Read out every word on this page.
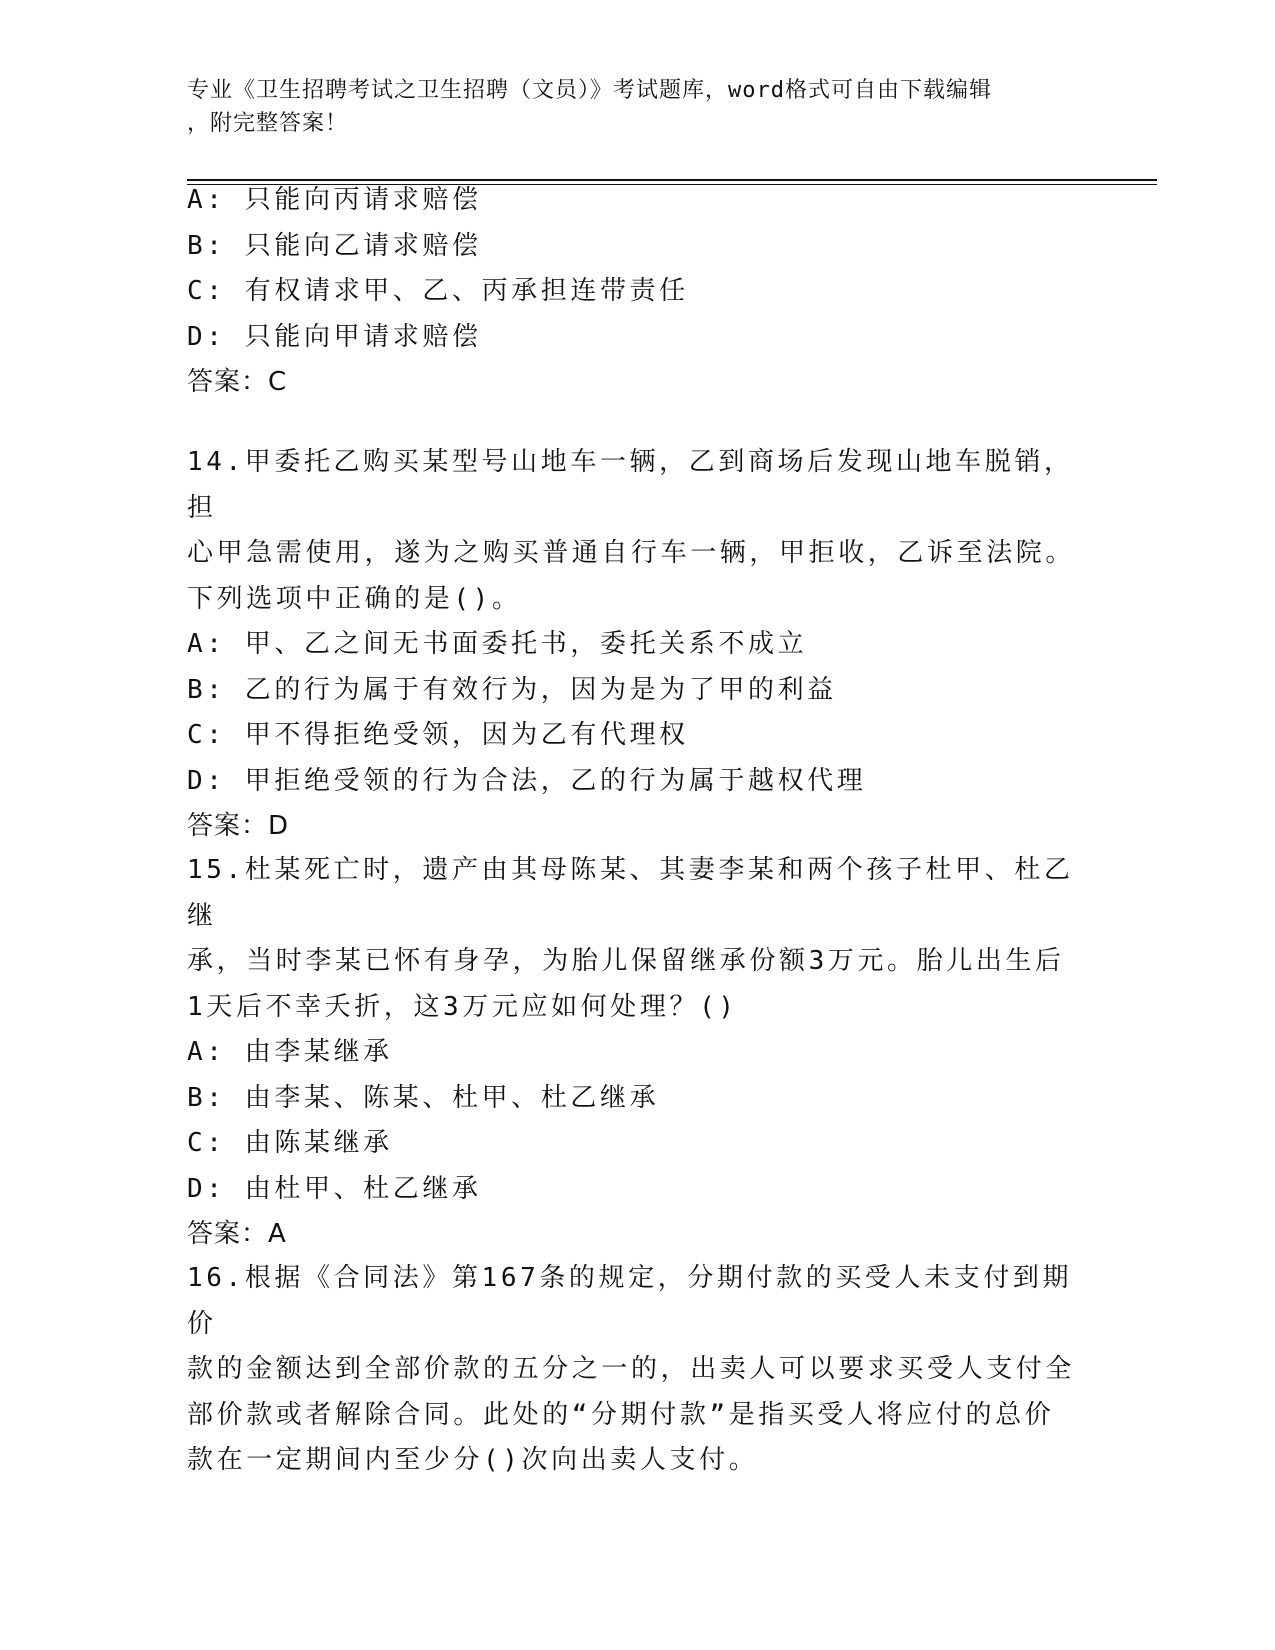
专业《卫生招聘考试之卫生招聘（文员）》考试题库，word格式可自由下载编辑
，附完整答案！
A: 只能向丙请求赔偿
B: 只能向乙请求赔偿
C: 有权请求甲、乙、丙承担连带责任
D: 只能向甲请求赔偿
答案：C
14.甲委托乙购买某型号山地车一辆，乙到商场后发现山地车脱销，担
心甲急需使用，遂为之购买普通自行车一辆，甲拒收，乙诉至法院。
下列选项中正确的是()。
A: 甲、乙之间无书面委托书，委托关系不成立
B: 乙的行为属于有效行为，因为是为了甲的利益
C: 甲不得拒绝受领，因为乙有代理权
D: 甲拒绝受领的行为合法，乙的行为属于越权代理
答案：D
15.杜某死亡时，遗产由其母陈某、其妻李某和两个孩子杜甲、杜乙继
承，当时李某已怀有身孕，为胎儿保留继承份额3万元。胎儿出生后
1天后不幸夭折，这3万元应如何处理？()
A: 由李某继承
B: 由李某、陈某、杜甲、杜乙继承
C: 由陈某继承
D: 由杜甲、杜乙继承
答案：A
16.根据《合同法》第167条的规定，分期付款的买受人未支付到期价
款的金额达到全部价款的五分之一的，出卖人可以要求买受人支付全
部价款或者解除合同。此处的“分期付款”是指买受人将应付的总价
款在一定期间内至少分()次向出卖人支付。
